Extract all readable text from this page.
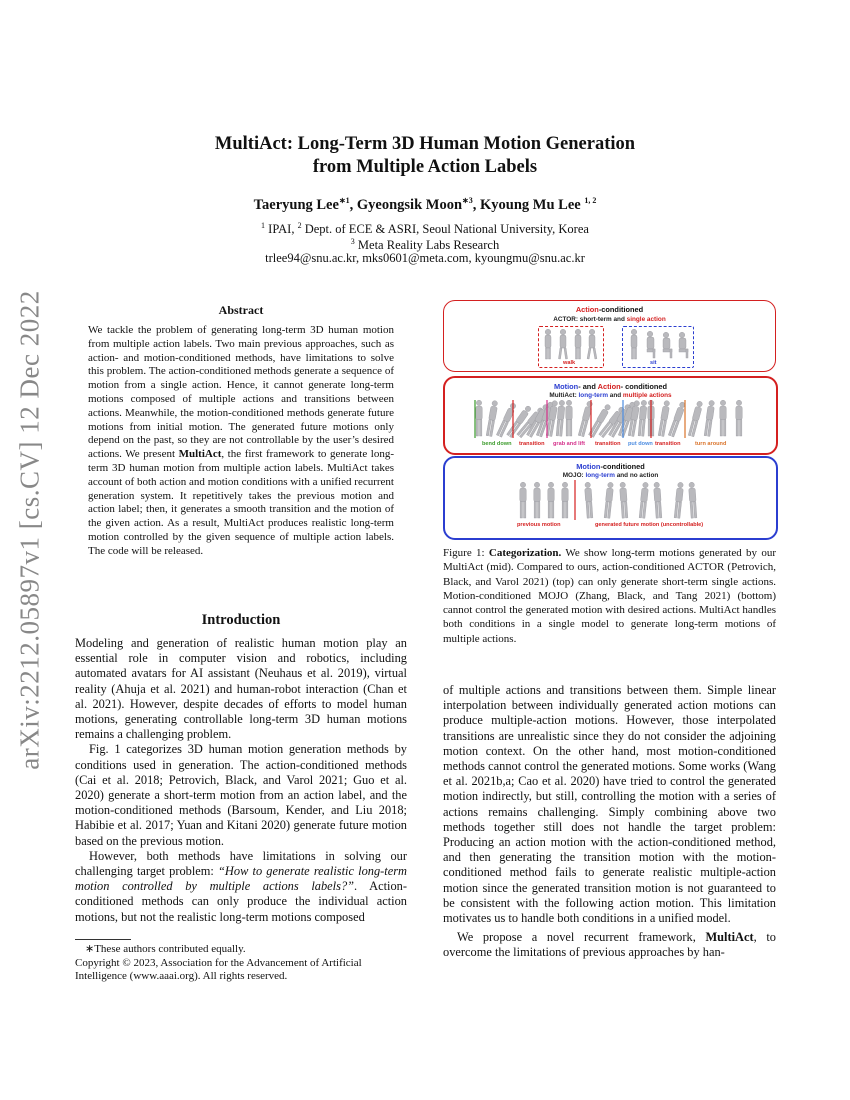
arXiv:2212.05897v1 [cs.CV] 12 Dec 2022
MultiAct: Long-Term 3D Human Motion Generation
from Multiple Action Labels
Taeryung Lee$^{∗1}$, Gyeongsik Moon$^{∗3}$, Kyoung Mu Lee $^{1, 2}$
$^1$ IPAI, $^2$ Dept. of ECE & ASRI, Seoul National University, Korea
$^3$ Meta Reality Labs Research
trlee94@snu.ac.kr, mks0601@meta.com, kyoungmu@snu.ac.kr
Abstract
We tackle the problem of generating long-term 3D human motion from multiple action labels. Two main previous approaches, such as action- and motion-conditioned methods, have limitations to solve this problem. The action-conditioned methods generate a sequence of motion from a single action. Hence, it cannot generate long-term motions composed of multiple actions and transitions between actions. Meanwhile, the motion-conditioned methods generate future motions from initial motion. The generated future motions only depend on the past, so they are not controllable by the user’s desired actions. We present MultiAct, the first framework to generate long-term 3D human motion from multiple action labels. MultiAct takes account of both action and motion conditions with a unified recurrent generation system. It repetitively takes the previous motion and action label; then, it generates a smooth transition and the motion of the given action. As a result, MultiAct produces realistic long-term motion controlled by the given sequence of multiple action labels. The code will be released.
Introduction

Modeling and generation of realistic human motion play an essential role in computer vision and robotics, including automated avatars for AI assistant (Neuhaus et al. 2019), virtual reality (Ahuja et al. 2021) and human-robot interaction (Chan et al. 2021). However, despite decades of efforts to model human motions, generating controllable long-term 3D human motions remains a challenging problem.

Fig. 1 categorizes 3D human motion generation methods by conditions used in generation. The action-conditioned methods (Cai et al. 2018; Petrovich, Black, and Varol 2021; Guo et al. 2020) generate a short-term motion from an action label, and the motion-conditioned methods (Barsoum, Kender, and Liu 2018; Habibie et al. 2017; Yuan and Kitani 2020) generate future motion based on the previous motion.

However, both methods have limitations in solving our challenging target problem: “How to generate realistic long-term motion controlled by multiple actions labels?”. Action-conditioned methods can only produce the individual action motions, but not the realistic long-term motions composed

∗These authors contributed equally.
Copyright © 2023, Association for the Advancement of Artificial Intelligence (www.aaai.org). All rights reserved.
Action-conditioned
ACTOR: short-term and single action
walk	sit
Motion- and Action- conditioned
MultiAct: long-term and multiple actions
bend down transition grab and lift transition put down transition	turn around
Motion-conditioned
MOJO: long-term and no action
previous motion	generated future motion (uncontrollable)
Figure 1: Categorization. We show long-term motions generated by our MultiAct (mid). Compared to ours, action-conditioned ACTOR (Petrovich, Black, and Varol 2021) (top) can only generate short-term single actions. Motion-conditioned MOJO (Zhang, Black, and Tang 2021) (bottom) cannot control the generated motion with desired actions. MultiAct handles both conditions in a single model to generate long-term motions of multiple actions.

of multiple actions and transitions between them. Simple linear interpolation between individually generated action motions can produce multiple-action motions. However, those interpolated transitions are unrealistic since they do not consider the adjoining motion context. On the other hand, most motion-conditioned methods cannot control the generated motions. Some works (Wang et al. 2021b,a; Cao et al. 2020) have tried to control the generated motion indirectly, but still, controlling the motion with a series of actions remains challenging. Simply combining above two methods together still does not handle the target problem: Producing an action motion with the action-conditioned method, and then generating the transition motion with the motion-conditioned method fails to generate realistic multiple-action motion since the generated transition motion is not guaranteed to be consistent with the following action motion. This limitation motivates us to handle both conditions in a unified model.

We propose a novel recurrent framework, MultiAct, to overcome the limitations of previous approaches by han-
